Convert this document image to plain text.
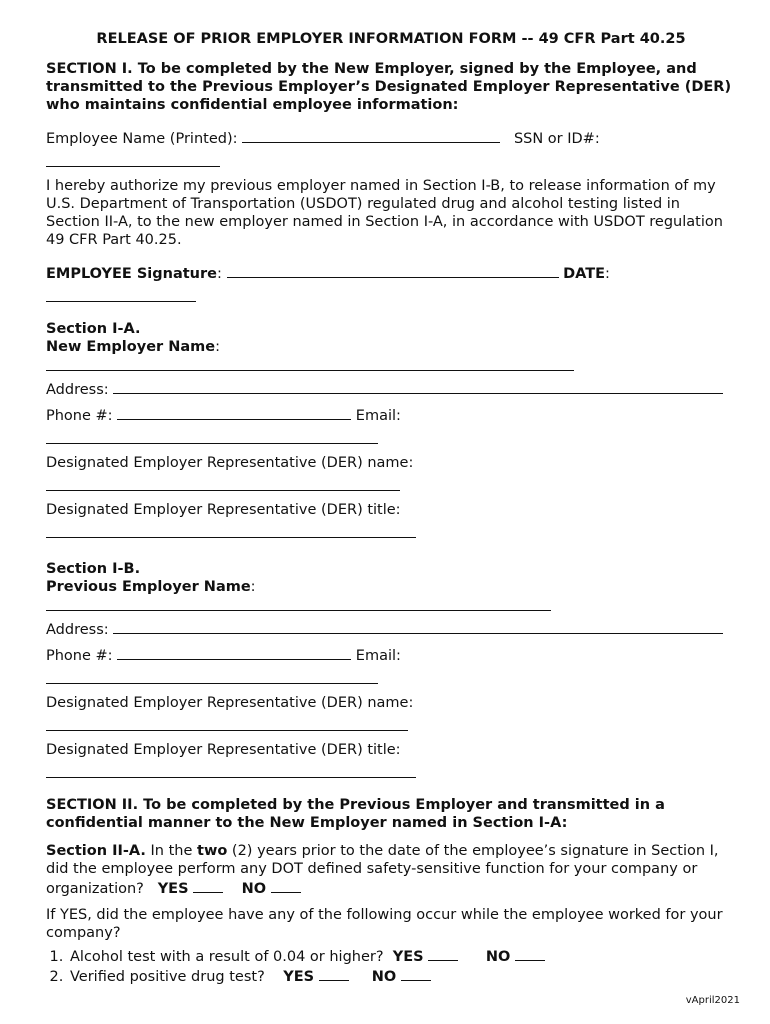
RELEASE OF PRIOR EMPLOYER INFORMATION FORM -- 49 CFR Part 40.25

SECTION I. To be completed by the New Employer, signed by the Employee, and transmitted to the Previous Employer’s Designated Employer Representative (DER) who maintains confidential employee information:

Employee Name (Printed):	SSN or ID#:

I hereby authorize my previous employer named in Section I-B, to release information of my U.S. Department of Transportation (USDOT) regulated drug and alcohol testing listed in Section II-A, to the new employer named in Section I-A, in accordance with USDOT regulation 49 CFR Part 40.25.

EMPLOYEE Signature:	DATE:
Section I-A.
New Employer Name:
Address:
Phone #:	Email:
Designated Employer Representative (DER) name:
Designated Employer Representative (DER) title:
Section I-B.
Previous Employer Name:
Address:
Phone #:	Email:
Designated Employer Representative (DER) name:
Designated Employer Representative (DER) title:

SECTION II. To be completed by the Previous Employer and transmitted in a confidential manner to the New Employer named in Section I-A:

Section II-A. In the two (2) years prior to the date of the employee’s signature in Section I, did the employee perform any DOT defined safety-sensitive function for your company or organization? YES	NO

If YES, did the employee have any of the following occur while the employee worked for your company?

1. Alcohol test with a result of 0.04 or higher? YES	NO
2. Verified positive drug test? YES	NO
vApril2021
